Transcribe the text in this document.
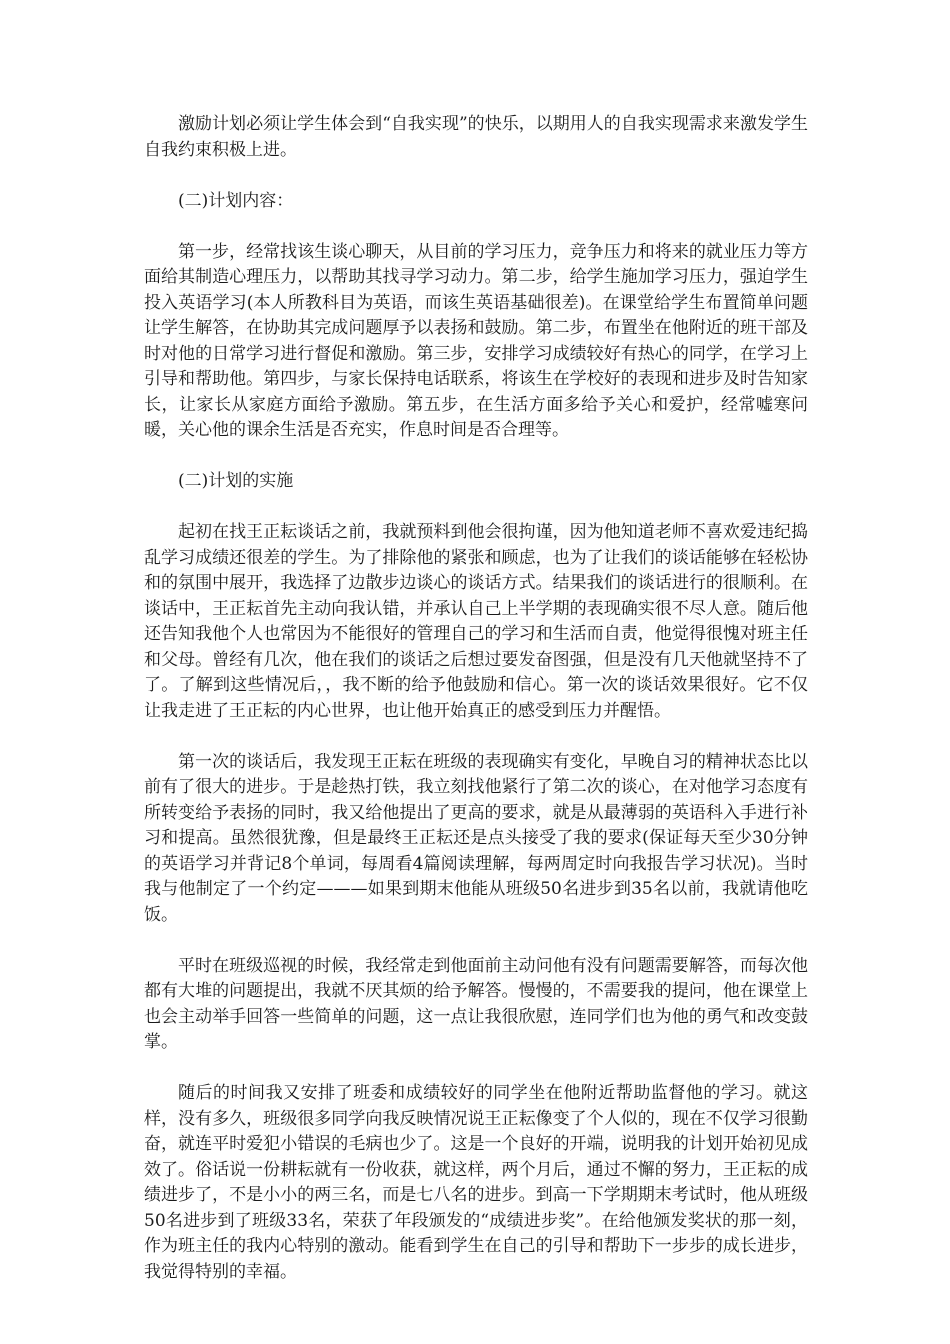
激励计划必须让学生体会到“自我实现”的快乐，以期用人的自我实现需求来激发学生自我约束积极上进。

(二)计划内容：

第一步，经常找该生谈心聊天，从目前的学习压力，竞争压力和将来的就业压力等方面给其制造心理压力，以帮助其找寻学习动力。第二步，给学生施加学习压力，强迫学生投入英语学习(本人所教科目为英语，而该生英语基础很差)。在课堂给学生布置简单问题让学生解答，在协助其完成问题厚予以表扬和鼓励。第二步，布置坐在他附近的班干部及时对他的日常学习进行督促和激励。第三步，安排学习成绩较好有热心的同学，在学习上引导和帮助他。第四步，与家长保持电话联系，将该生在学校好的表现和进步及时告知家长，让家长从家庭方面给予激励。第五步，在生活方面多给予关心和爱护，经常嘘寒问暖，关心他的课余生活是否充实，作息时间是否合理等。

(二)计划的实施

起初在找王正耘谈话之前，我就预料到他会很拘谨，因为他知道老师不喜欢爱违纪捣乱学习成绩还很差的学生。为了排除他的紧张和顾虑，也为了让我们的谈话能够在轻松协和的氛围中展开，我选择了边散步边谈心的谈话方式。结果我们的谈话进行的很顺利。在谈话中，王正耘首先主动向我认错，并承认自己上半学期的表现确实很不尽人意。随后他还告知我他个人也常因为不能很好的管理自己的学习和生活而自责，他觉得很愧对班主任和父母。曾经有几次，他在我们的谈话之后想过要发奋图强，但是没有几天他就坚持不了了。了解到这些情况后，，我不断的给予他鼓励和信心。第一次的谈话效果很好。它不仅让我走进了王正耘的内心世界，也让他开始真正的感受到压力并醒悟。

第一次的谈话后，我发现王正耘在班级的表现确实有变化，早晚自习的精神状态比以前有了很大的进步。于是趁热打铁，我立刻找他紧行了第二次的谈心，在对他学习态度有所转变给予表扬的同时，我又给他提出了更高的要求，就是从最薄弱的英语科入手进行补习和提高。虽然很犹豫，但是最终王正耘还是点头接受了我的要求(保证每天至少30分钟的英语学习并背记8个单词，每周看4篇阅读理解，每两周定时向我报告学习状况)。当时我与他制定了一个约定———如果到期末他能从班级50名进步到35名以前，我就请他吃饭。

平时在班级巡视的时候，我经常走到他面前主动问他有没有问题需要解答，而每次他都有大堆的问题提出，我就不厌其烦的给予解答。慢慢的，不需要我的提问，他在课堂上也会主动举手回答一些简单的问题，这一点让我很欣慰，连同学们也为他的勇气和改变鼓掌。

随后的时间我又安排了班委和成绩较好的同学坐在他附近帮助监督他的学习。就这样，没有多久，班级很多同学向我反映情况说王正耘像变了个人似的，现在不仅学习很勤奋，就连平时爱犯小错误的毛病也少了。这是一个良好的开端，说明我的计划开始初见成效了。俗话说一份耕耘就有一份收获，就这样，两个月后，通过不懈的努力，王正耘的成绩进步了，不是小小的两三名，而是七八名的进步。到高一下学期期末考试时，他从班级50名进步到了班级33名，荣获了年段颁发的“成绩进步奖”。在给他颁发奖状的那一刻，作为班主任的我内心特别的激动。能看到学生在自己的引导和帮助下一步步的成长进步，我觉得特别的幸福。
